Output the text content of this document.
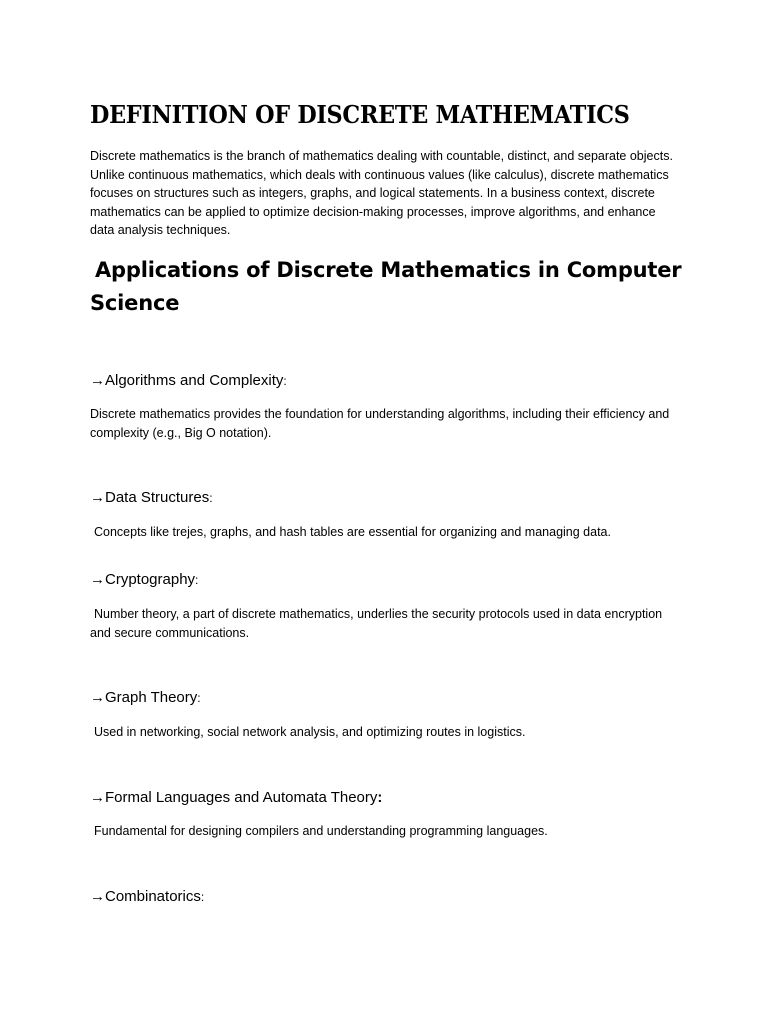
DEFINITION OF DISCRETE MATHEMATICS

Discrete mathematics is the branch of mathematics dealing with countable, distinct, and separate objects. Unlike continuous mathematics, which deals with continuous values (like calculus), discrete mathematics focuses on structures such as integers, graphs, and logical statements. In a business context, discrete mathematics can be applied to optimize decision-making processes, improve algorithms, and enhance data analysis techniques.

Applications of Discrete Mathematics in Computer Science
→Algorithms and Complexity:

Discrete mathematics provides the foundation for understanding algorithms, including their efficiency and complexity (e.g., Big O notation).

→Data Structures:

Concepts like trejes, graphs, and hash tables are essential for organizing and managing data.

→Cryptography:

Number theory, a part of discrete mathematics, underlies the security protocols used in data encryption and secure communications.

→Graph Theory:

Used in networking, social network analysis, and optimizing routes in logistics.

→Formal Languages and Automata Theory:

Fundamental for designing compilers and understanding programming languages.

→Combinatorics:
